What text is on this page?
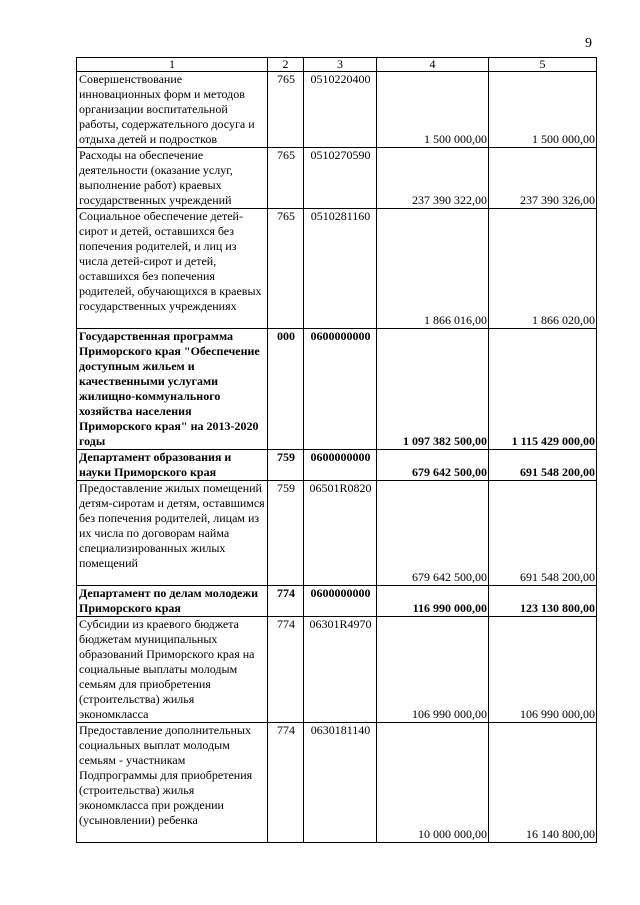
9
1	2	3	4	5
Совершенствование инновационных форм и методов организации воспитательной работы, содержательного досуга и отдыха детей и подростков	765	0510220400	1 500 000,00	1 500 000,00
Расходы на обеспечение деятельности (оказание услуг, выполнение работ) краевых государственных учреждений	765	0510270590	237 390 322,00	237 390 326,00
Социальное обеспечение детей-сирот и детей, оставшихся без попечения родителей, и лиц из числа детей-сирот и детей, оставшихся без попечения родителей, обучающихся в краевых государственных учреждениях	765	0510281160	1 866 016,00	1 866 020,00
Государственная программа Приморского края "Обеспечение доступным жильем и качественными услугами жилищно-коммунального хозяйства населения Приморского края" на 2013-2020 годы	000	0600000000	1 097 382 500,00	1 115 429 000,00
Департамент образования и науки Приморского края	759	0600000000	679 642 500,00	691 548 200,00
Предоставление жилых помещений детям-сиротам и детям, оставшимся без попечения родителей, лицам из их числа по договорам найма специализированных жилых помещений	759	06501R0820	679 642 500,00	691 548 200,00
Департамент по делам молодежи Приморского края	774	0600000000	116 990 000,00	123 130 800,00
Субсидии из краевого бюджета бюджетам муниципальных образований Приморского края на социальные выплаты молодым семьям для приобретения (строительства) жилья экономкласса	774	06301R4970	106 990 000,00	106 990 000,00
Предоставление дополнительных социальных выплат молодым семьям - участникам Подпрограммы для приобретения (строительства) жилья экономкласса при рождении (усыновлении) ребенка	774	0630181140	10 000 000,00	16 140 800,00
